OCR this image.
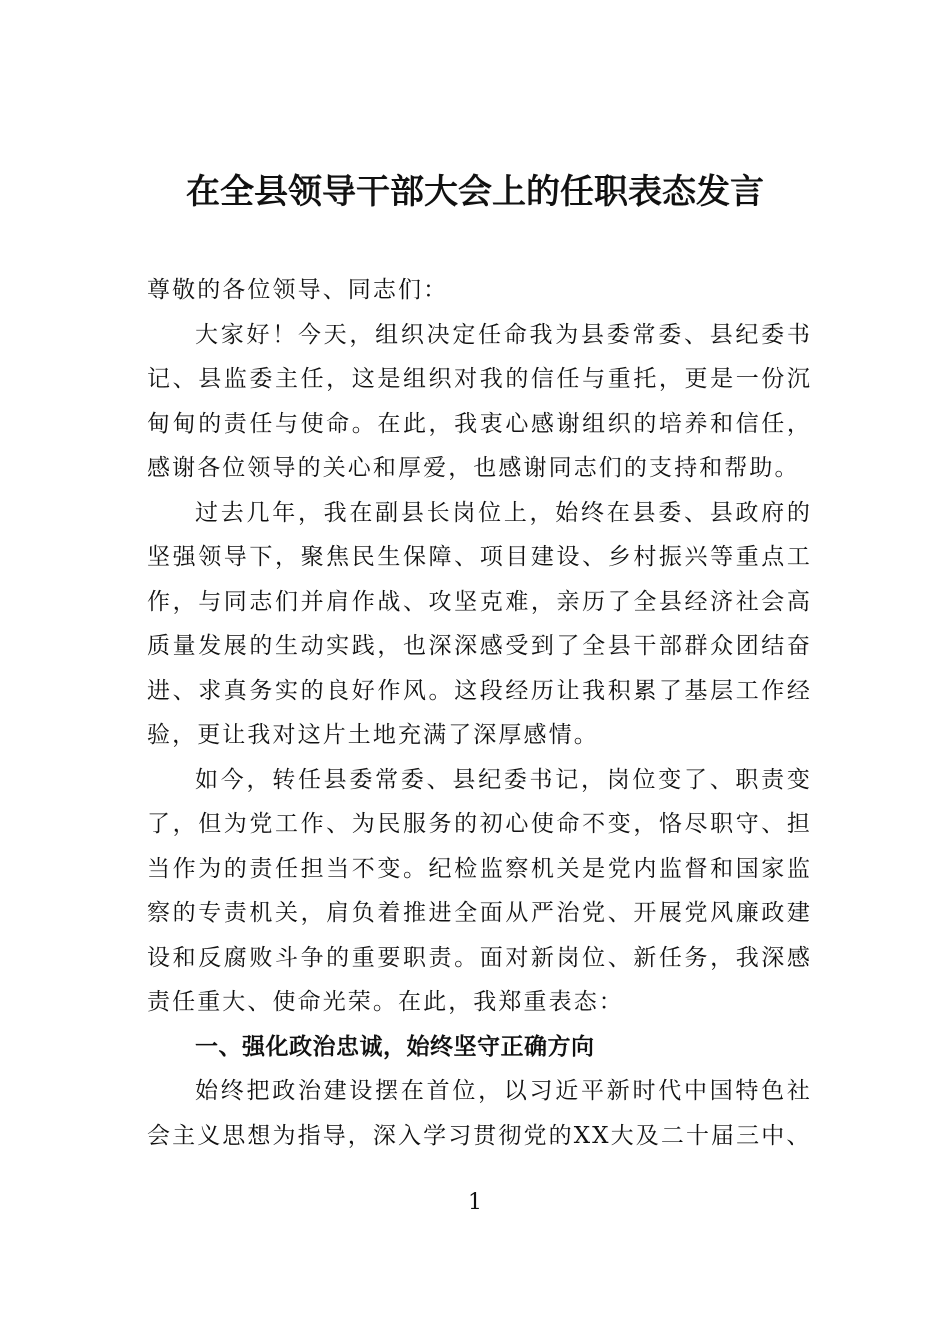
在全县领导干部大会上的任职表态发言

尊敬的各位领导、同志们：

大家好！今天，组织决定任命我为县委常委、县纪委书记、县监委主任，这是组织对我的信任与重托，更是一份沉甸甸的责任与使命。在此，我衷心感谢组织的培养和信任，感谢各位领导的关心和厚爱，也感谢同志们的支持和帮助。

过去几年，我在副县长岗位上，始终在县委、县政府的坚强领导下，聚焦民生保障、项目建设、乡村振兴等重点工作，与同志们并肩作战、攻坚克难，亲历了全县经济社会高质量发展的生动实践，也深深感受到了全县干部群众团结奋进、求真务实的良好作风。这段经历让我积累了基层工作经验，更让我对这片土地充满了深厚感情。

如今，转任县委常委、县纪委书记，岗位变了、职责变了，但为党工作、为民服务的初心使命不变，恪尽职守、担当作为的责任担当不变。纪检监察机关是党内监督和国家监察的专责机关，肩负着推进全面从严治党、开展党风廉政建设和反腐败斗争的重要职责。面对新岗位、新任务，我深感责任重大、使命光荣。在此，我郑重表态：

一、强化政治忠诚，始终坚守正确方向

始终把政治建设摆在首位，以习近平新时代中国特色社会主义思想为指导，深入学习贯彻党的XX大及二十届三中、

1
